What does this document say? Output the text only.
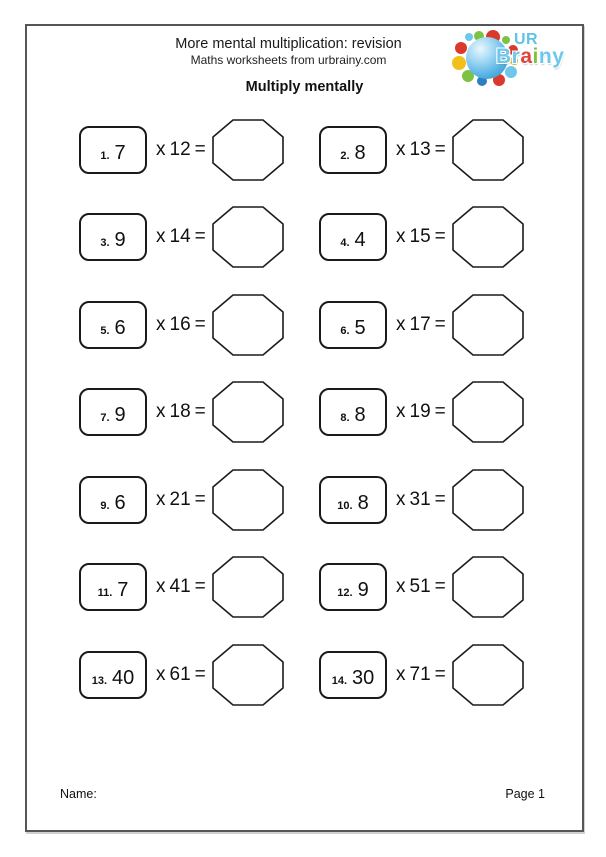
More mental multiplication: revision
Maths worksheets from urbrainy.com
UR
Brainy
Multiply mentally
1. 7 x 12 =	2. 8 x 13 =
3. 9 x 14 =	4. 4 x 15 =
5. 6 x 16 =	6. 5 x 17 =
7. 9 x 18 =	8. 8 x 19 =
9. 6 x 21 =	10. 8 x 31 =
11. 7 x 41 =	12. 9 x 51 =
13. 40 x 61 =	14. 30 x 71 =
Name:	Page 1
